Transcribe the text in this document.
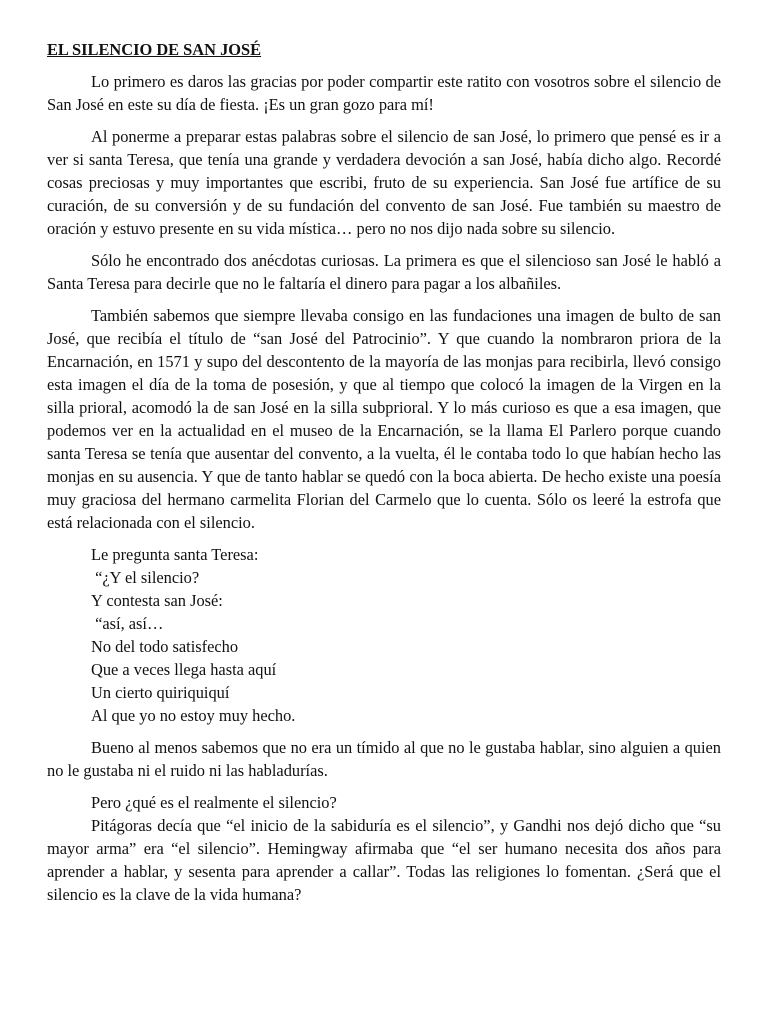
EL SILENCIO DE SAN JOSÉ

Lo primero es daros las gracias por poder compartir este ratito con vosotros sobre el silencio de San José en este su día de fiesta. ¡Es un gran gozo para mí!

Al ponerme a preparar estas palabras sobre el silencio de san José, lo primero que pensé es ir a ver si santa Teresa, que tenía una grande y verdadera devoción a san José, había dicho algo. Recordé cosas preciosas y muy importantes que escribi, fruto de su experiencia. San José fue artífice de su curación, de su conversión y de su fundación del convento de san José. Fue también su maestro de oración y estuvo presente en su vida mística… pero no nos dijo nada sobre su silencio.

Sólo he encontrado dos anécdotas curiosas. La primera es que el silencioso san José le habló a Santa Teresa para decirle que no le faltaría el dinero para pagar a los albañiles.

También sabemos que siempre llevaba consigo en las fundaciones una imagen de bulto de san José, que recibía el título de “san José del Patrocinio”. Y que cuando la nombraron priora de la Encarnación, en 1571 y supo del descontento de la mayoría de las monjas para recibirla, llevó consigo esta imagen el día de la toma de posesión, y que al tiempo que colocó la imagen de la Virgen en la silla prioral, acomodó la de san José en la silla subprioral. Y lo más curioso es que a esa imagen, que podemos ver en la actualidad en el museo de la Encarnación, se la llama El Parlero porque cuando santa Teresa se tenía que ausentar del convento, a la vuelta, él le contaba todo lo que habían hecho las monjas en su ausencia. Y que de tanto hablar se quedó con la boca abierta. De hecho existe una poesía muy graciosa del hermano carmelita Florian del Carmelo que lo cuenta. Sólo os leeré la estrofa que está relacionada con el silencio.

Le pregunta santa Teresa:
“¿Y el silencio?
Y contesta san José:
“así, así…
No del todo satisfecho
Que a veces llega hasta aquí
Un cierto quiriquiquí
Al que yo no estoy muy hecho.

Bueno al menos sabemos que no era un tímido al que no le gustaba hablar, sino alguien a quien no le gustaba ni el ruido ni las habladurías.

Pero ¿qué es el realmente el silencio?

Pitágoras decía que “el inicio de la sabiduría es el silencio”, y Gandhi nos dejó dicho que “su mayor arma” era “el silencio”. Hemingway afirmaba que “el ser humano necesita dos años para aprender a hablar, y sesenta para aprender a callar”. Todas las religiones lo fomentan. ¿Será que el silencio es la clave de la vida humana?
